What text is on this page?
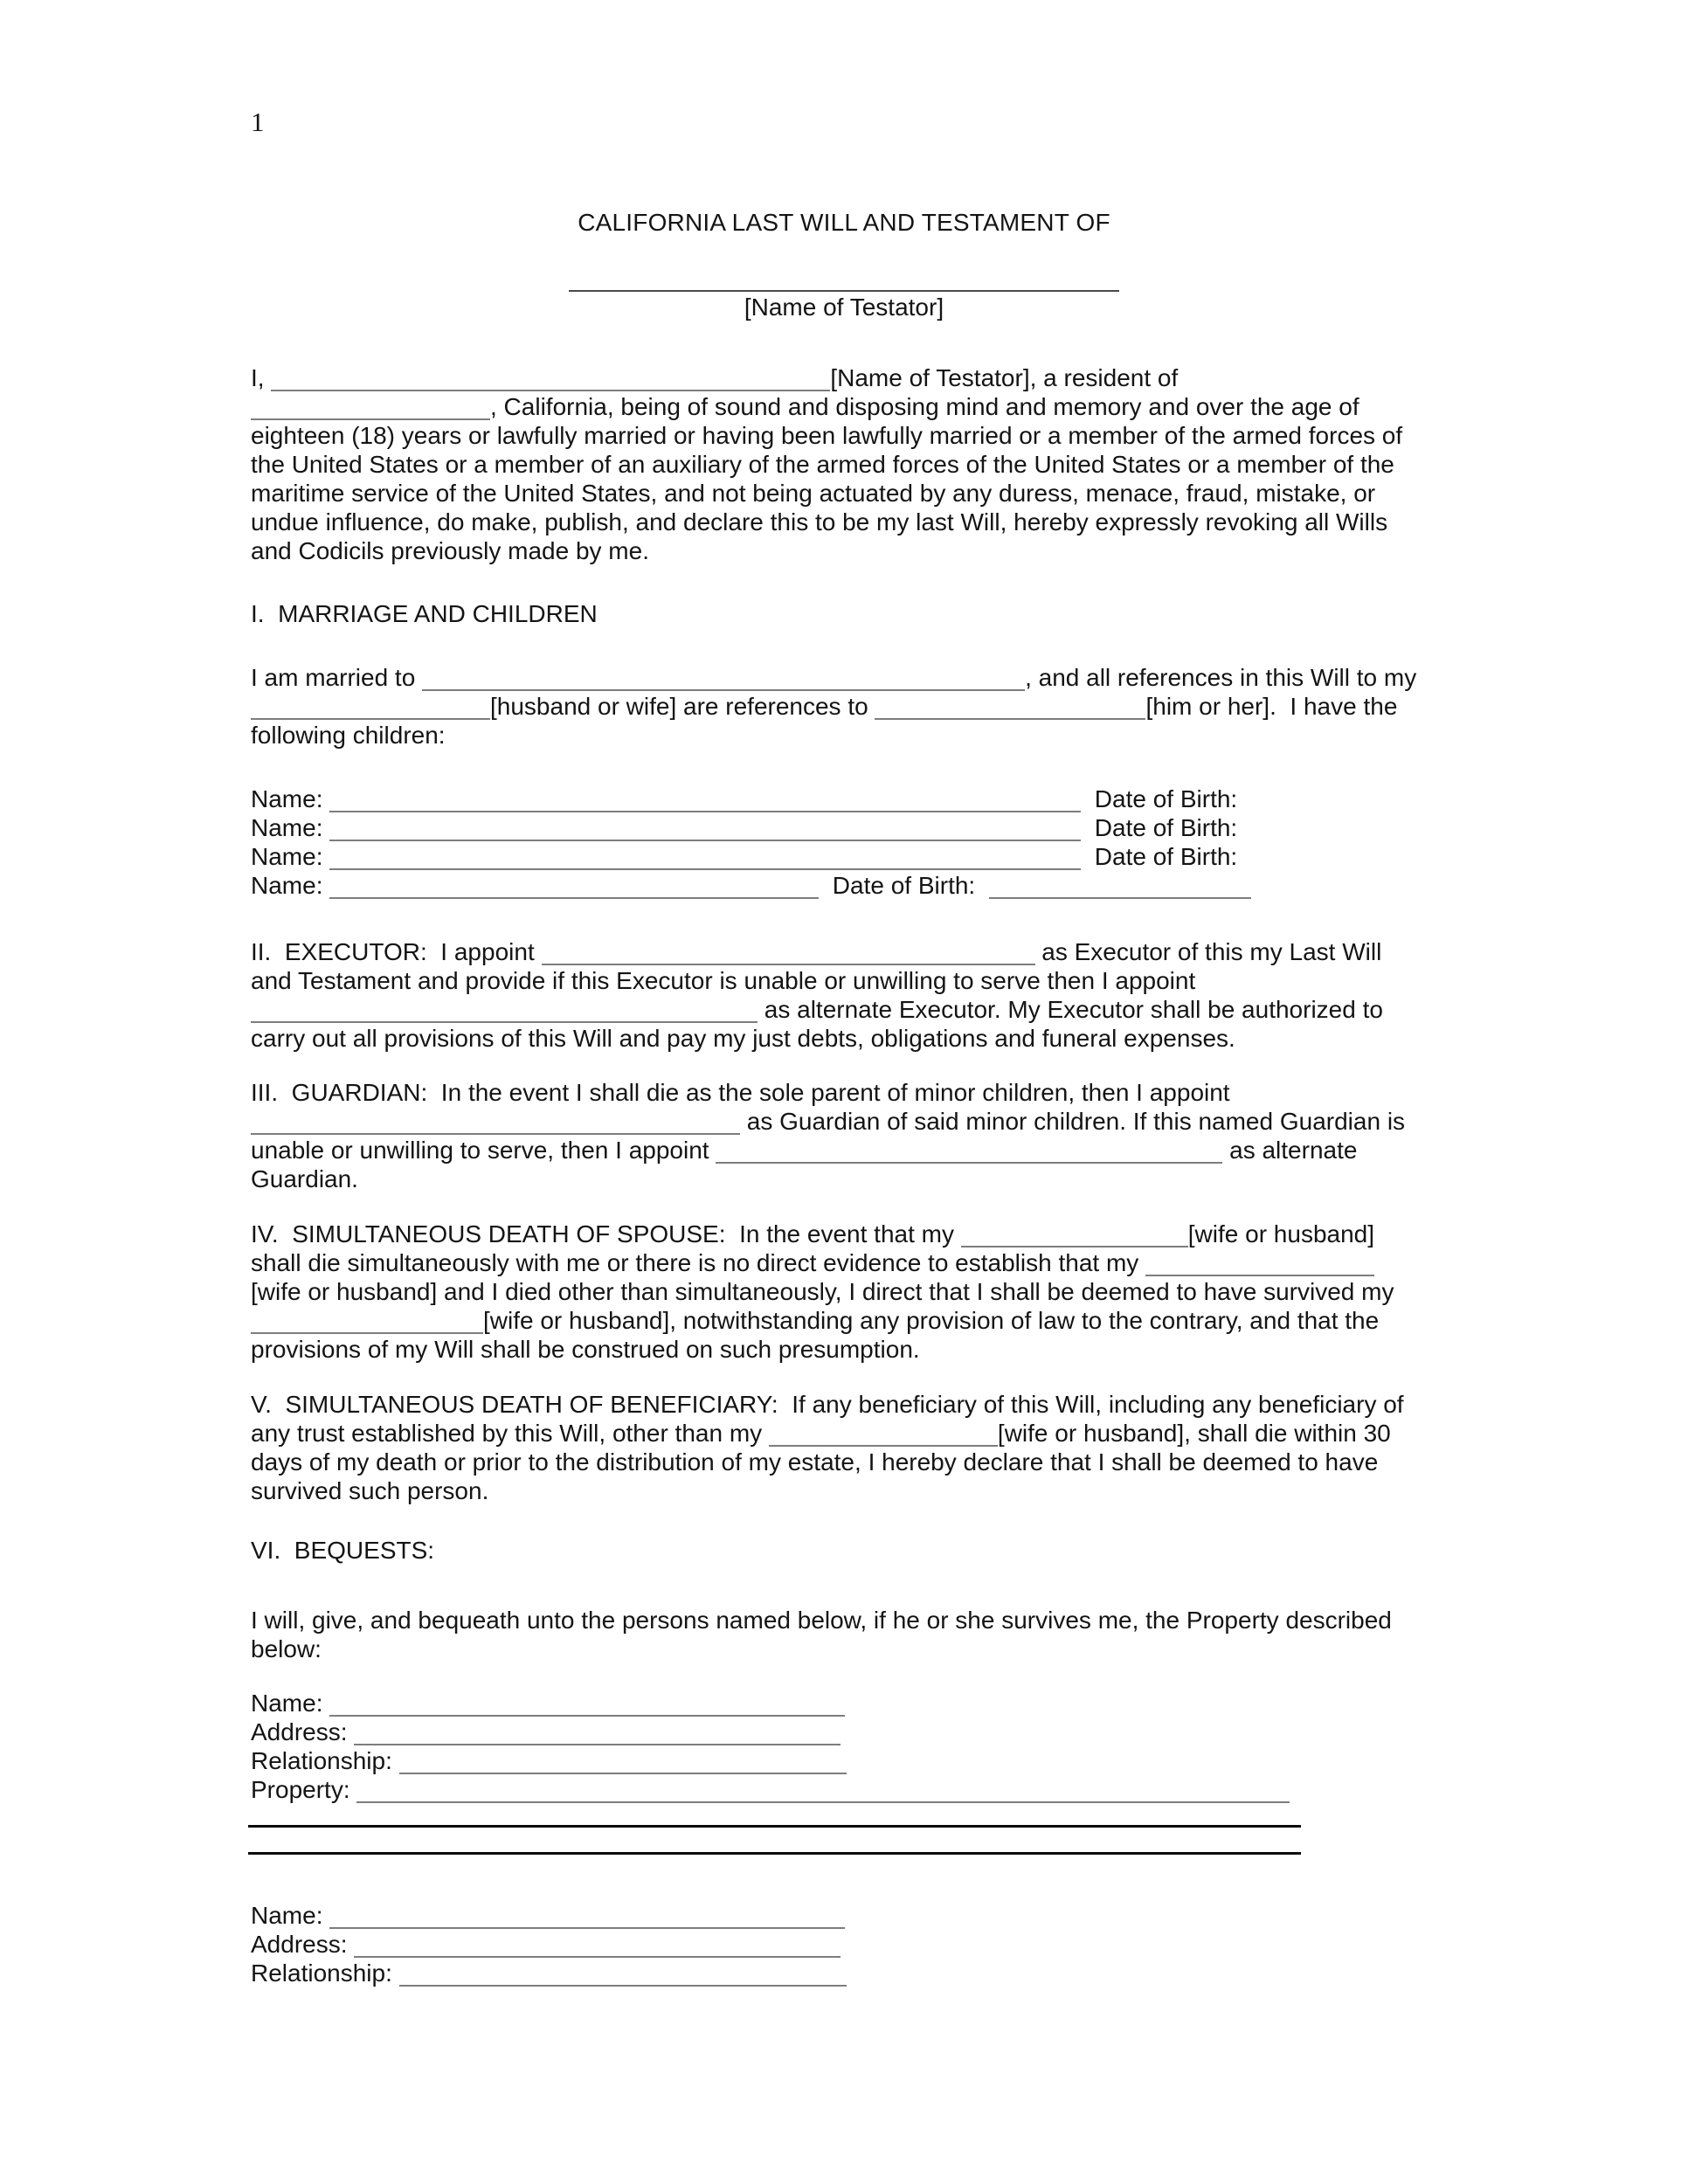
1
CALIFORNIA LAST WILL AND TESTAMENT OF
[Name of Testator]
I,	[Name of Testator], a resident of
, California, being of sound and disposing mind and memory and over the age of
eighteen (18) years or lawfully married or having been lawfully married or a member of the armed forces of
the United States or a member of an auxiliary of the armed forces of the United States or a member of the
maritime service of the United States, and not being actuated by any duress, menace, fraud, mistake, or
undue influence, do make, publish, and declare this to be my last Will, hereby expressly revoking all Wills
and Codicils previously made by me.
I.  MARRIAGE AND CHILDREN
I am married to	, and all references in this Will to my
[husband or wife] are references to	[him or her].  I have the
following children:
Name:	Date of Birth:
Name:	Date of Birth:
Name:	Date of Birth:
Name:	Date of Birth:
II.  EXECUTOR:  I appoint	as Executor of this my Last Will
and Testament and provide if this Executor is unable or unwilling to serve then I appoint
as alternate Executor. My Executor shall be authorized to
carry out all provisions of this Will and pay my just debts, obligations and funeral expenses.
III.  GUARDIAN:  In the event I shall die as the sole parent of minor children, then I appoint
as Guardian of said minor children. If this named Guardian is
unable or unwilling to serve, then I appoint	as alternate
Guardian.
IV.  SIMULTANEOUS DEATH OF SPOUSE:  In the event that my	[wife or husband]
shall die simultaneously with me or there is no direct evidence to establish that my
[wife or husband] and I died other than simultaneously, I direct that I shall be deemed to have survived my
[wife or husband], notwithstanding any provision of law to the contrary, and that the
provisions of my Will shall be construed on such presumption.
V.  SIMULTANEOUS DEATH OF BENEFICIARY:  If any beneficiary of this Will, including any beneficiary of
any trust established by this Will, other than my	[wife or husband], shall die within 30
days of my death or prior to the distribution of my estate, I hereby declare that I shall be deemed to have
survived such person.
VI.  BEQUESTS:
I will, give, and bequeath unto the persons named below, if he or she survives me, the Property described
below:
Name:
Address:
Relationship:
Property:
Name:
Address:
Relationship:
